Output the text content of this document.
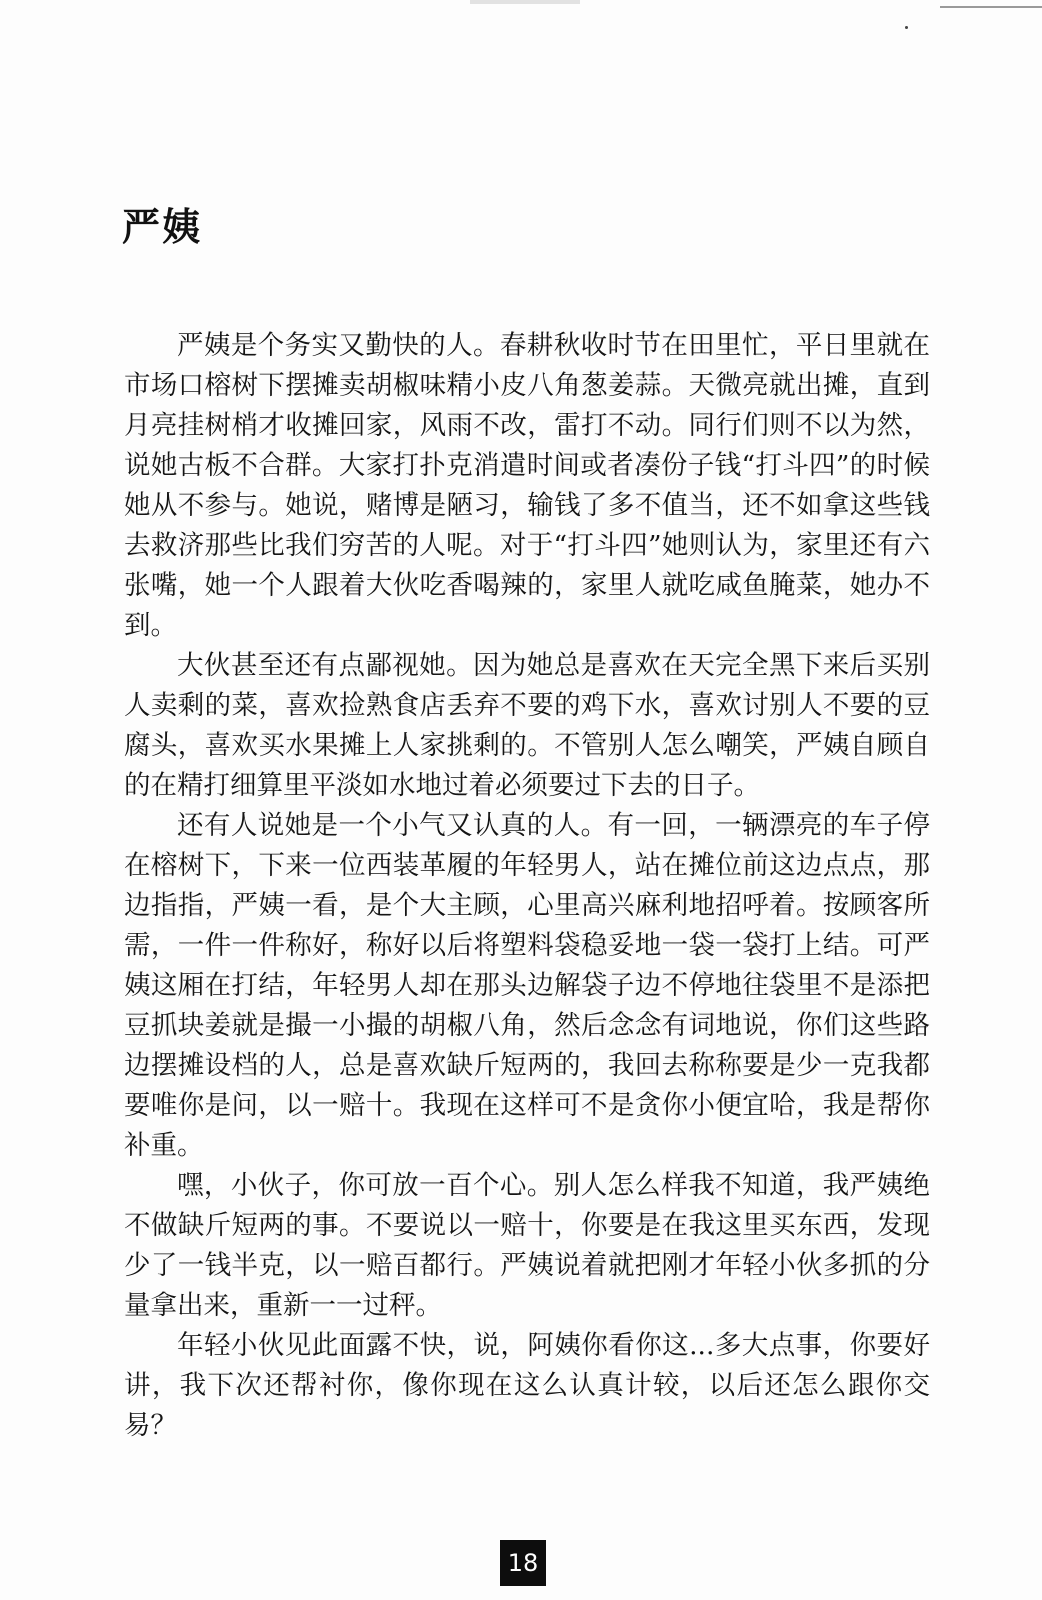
严姨

严姨是个务实又勤快的人。春耕秋收时节在田里忙，平日里就在市场口榕树下摆摊卖胡椒味精小皮八角葱姜蒜。天微亮就出摊，直到月亮挂树梢才收摊回家，风雨不改，雷打不动。同行们则不以为然，说她古板不合群。大家打扑克消遣时间或者凑份子钱“打斗四”的时候她从不参与。她说，赌博是陋习，输钱了多不值当，还不如拿这些钱去救济那些比我们穷苦的人呢。对于“打斗四”她则认为，家里还有六张嘴，她一个人跟着大伙吃香喝辣的，家里人就吃咸鱼腌菜，她办不到。

大伙甚至还有点鄙视她。因为她总是喜欢在天完全黑下来后买别人卖剩的菜，喜欢捡熟食店丢弃不要的鸡下水，喜欢讨别人不要的豆腐头，喜欢买水果摊上人家挑剩的。不管别人怎么嘲笑，严姨自顾自的在精打细算里平淡如水地过着必须要过下去的日子。

还有人说她是一个小气又认真的人。有一回，一辆漂亮的车子停在榕树下，下来一位西装革履的年轻男人，站在摊位前这边点点，那边指指，严姨一看，是个大主顾，心里高兴麻利地招呼着。按顾客所需，一件一件称好，称好以后将塑料袋稳妥地一袋一袋打上结。可严姨这厢在打结，年轻男人却在那头边解袋子边不停地往袋里不是添把豆抓块姜就是撮一小撮的胡椒八角，然后念念有词地说，你们这些路边摆摊设档的人，总是喜欢缺斤短两的，我回去称称要是少一克我都要唯你是问，以一赔十。我现在这样可不是贪你小便宜哈，我是帮你补重。

嘿，小伙子，你可放一百个心。别人怎么样我不知道，我严姨绝不做缺斤短两的事。不要说以一赔十，你要是在我这里买东西，发现少了一钱半克，以一赔百都行。严姨说着就把刚才年轻小伙多抓的分量拿出来，重新一一过秤。

年轻小伙见此面露不快，说，阿姨你看你这...多大点事，你要好讲，我下次还帮衬你，像你现在这么认真计较，以后还怎么跟你交易？

18
